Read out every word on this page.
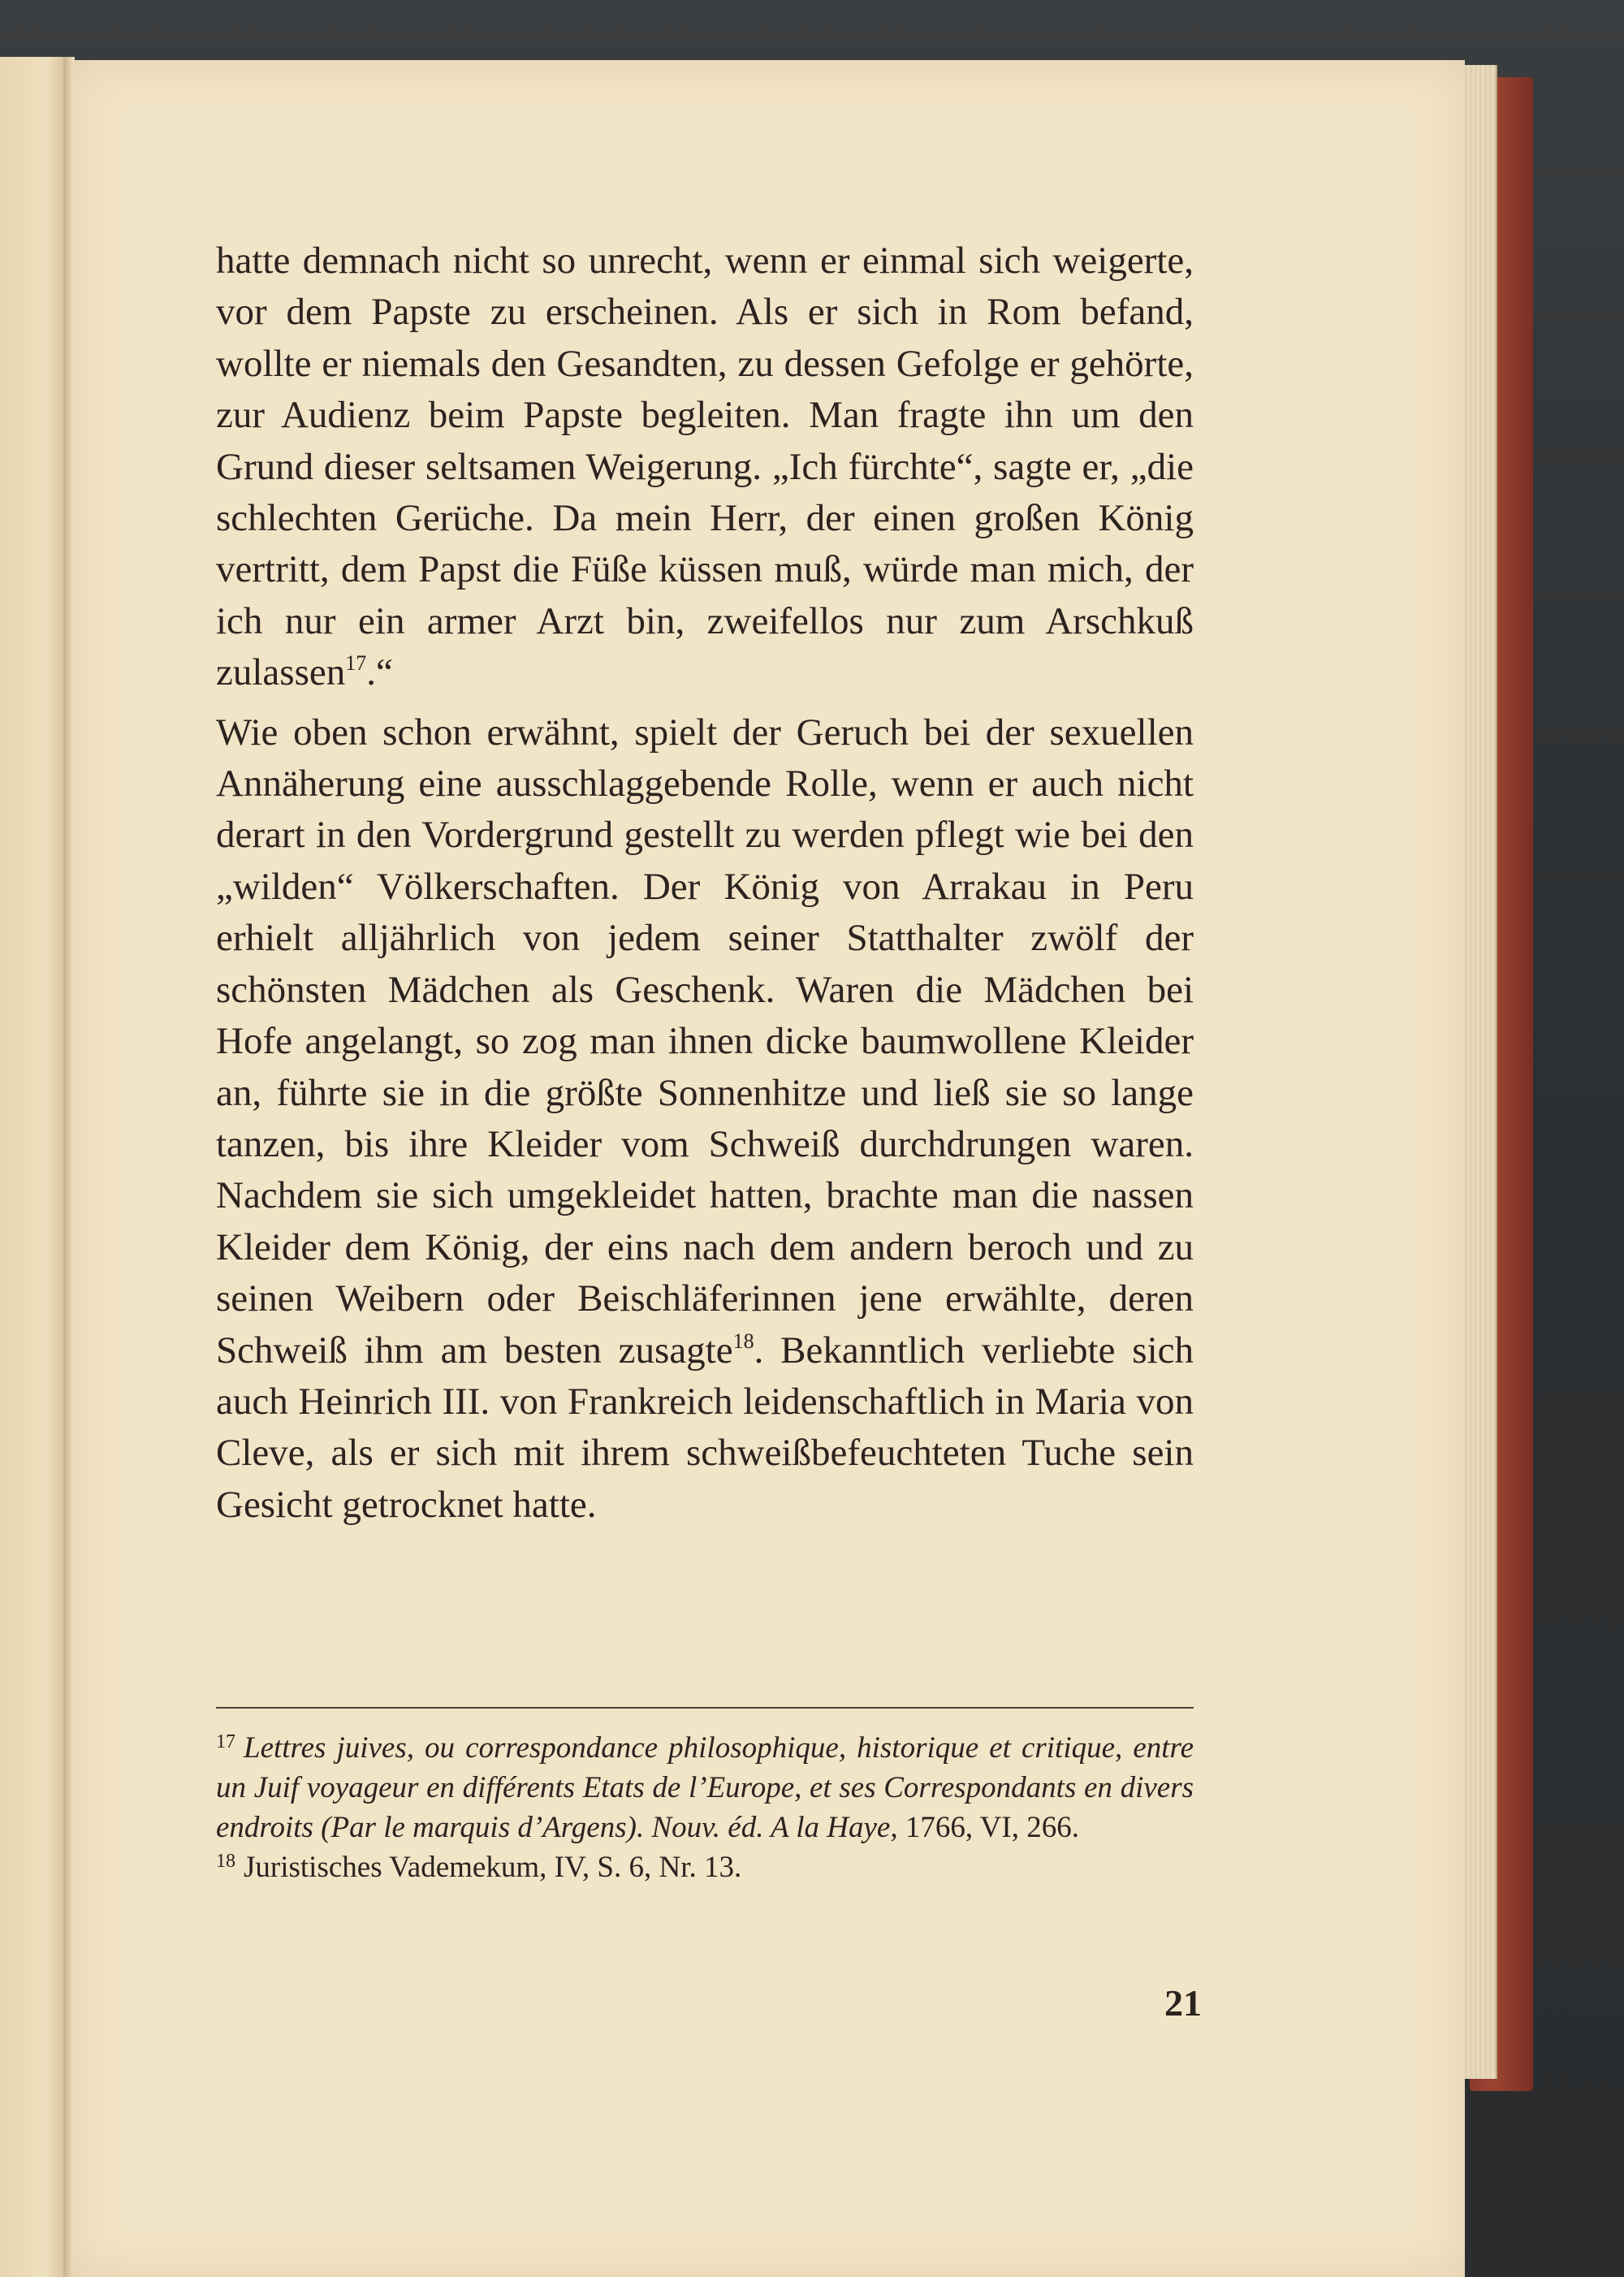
hatte demnach nicht so unrecht, wenn er einmal sich weigerte, vor dem Papste zu erscheinen. Als er sich in Rom befand, wollte er niemals den Gesandten, zu dessen Gefolge er gehörte, zur Audienz beim Papste begleiten. Man fragte ihn um den Grund dieser seltsamen Weigerung. „Ich fürchte“, sagte er, „die schlechten Gerüche. Da mein Herr, der einen großen König vertritt, dem Papst die Füße küssen muß, würde man mich, der ich nur ein armer Arzt bin, zweifellos nur zum Arschkuß zulassen$^{17}$.“

Wie oben schon erwähnt, spielt der Geruch bei der sexuellen Annäherung eine ausschlaggebende Rolle, wenn er auch nicht derart in den Vordergrund gestellt zu werden pflegt wie bei den „wilden“ Völkerschaften. Der König von Arrakau in Peru erhielt alljährlich von jedem seiner Statthalter zwölf der schönsten Mädchen als Geschenk. Waren die Mädchen bei Hofe angelangt, so zog man ihnen dicke baumwollene Kleider an, führte sie in die größte Sonnenhitze und ließ sie so lange tanzen, bis ihre Kleider vom Schweiß durchdrungen waren. Nachdem sie sich umgekleidet hatten, brachte man die nassen Kleider dem König, der eins nach dem andern beroch und zu seinen Weibern oder Beischläferinnen jene erwählte, deren Schweiß ihm am besten zusagte$^{18}$. Bekanntlich verliebte sich auch Heinrich III. von Frankreich leidenschaftlich in Maria von Cleve, als er sich mit ihrem schweißbefeuchteten Tuche sein Gesicht getrocknet hatte.

$^{17}$ Lettres juives, ou correspondance philosophique, historique et critique, entre un Juif voyageur en différents Etats de l’Europe, et ses Correspondants en divers endroits (Par le marquis d’Argens). Nouv. éd. A la Haye, 1766, VI, 266.

$^{18}$ Juristisches Vademekum, IV, S. 6, Nr. 13.

21
